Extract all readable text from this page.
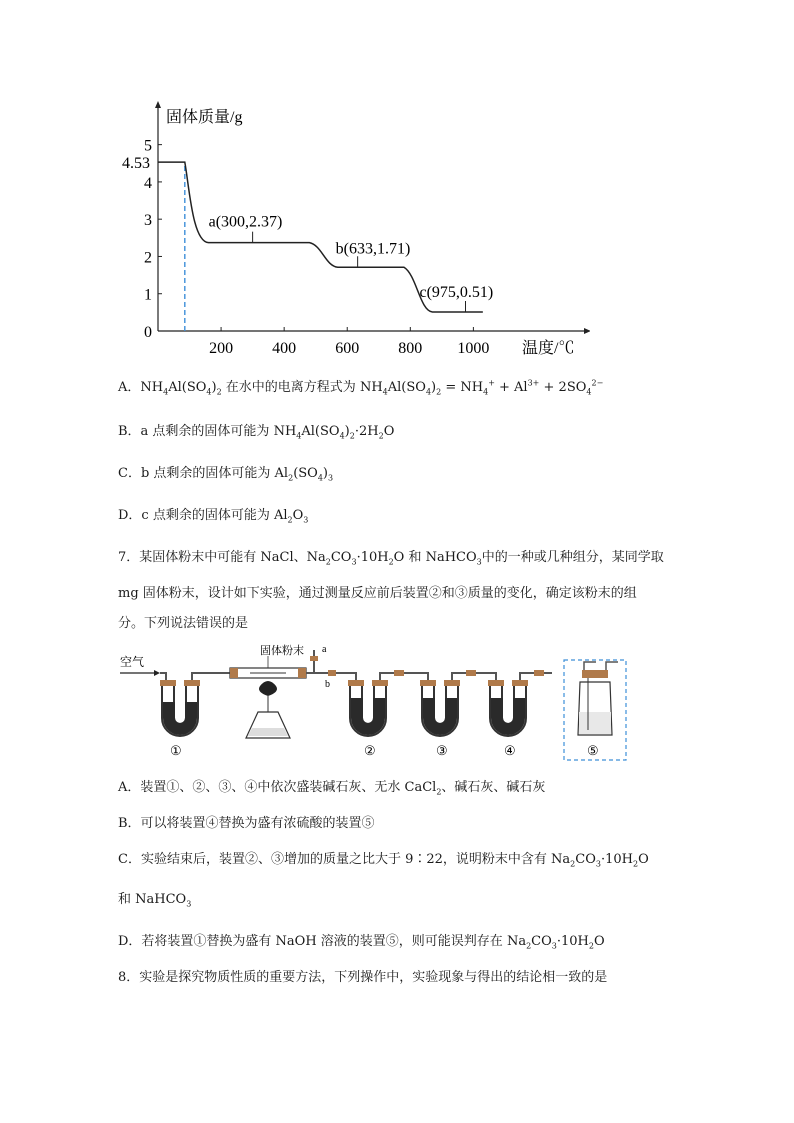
固体质量/g
温度/℃
200 400 600 800 1000
0
1
2
3
4
5
4.53
a(300,2.37)
b(633,1.71)
c(975,0.51)
A．$NH_4Al(SO_4)_2$ 在水中的电离方程式为 $NH_4Al(SO_4)_2 = NH_4^+ + Al^{3+} + 2SO_4^{2-}$
B．a 点剩余的固体可能为 $NH_4Al(SO_4)_2\cdot 2H_2O$
C．b 点剩余的固体可能为 $Al_2(SO_4)_3$
D．c 点剩余的固体可能为 $Al_2O_3$
7．某固体粉末中可能有 NaCl、$Na_2CO_3\cdot 10H_2O$ 和 NaHCO$_3$中的一种或几种组分，某同学取
mg 固体粉末，设计如下实验，通过测量反应前后装置②和③质量的变化，确定该粉末的组
分。下列说法错误的是
空气
固体粉末 a
b
①	②	③	④	⑤
A．装置①、②、③、④中依次盛装碱石灰、无水 CaCl$_2$、碱石灰、碱石灰
B．可以将装置④替换为盛有浓硫酸的装置⑤
C．实验结束后，装置②、③增加的质量之比大于 9∶22，说明粉末中含有 $Na_2CO_3\cdot 10H_2O$
和 NaHCO$_3$
D．若将装置①替换为盛有 NaOH 溶液的装置⑤，则可能误判存在 $Na_2CO_3\cdot 10H_2O$
8．实验是探究物质性质的重要方法，下列操作中，实验现象与得出的结论相一致的是
